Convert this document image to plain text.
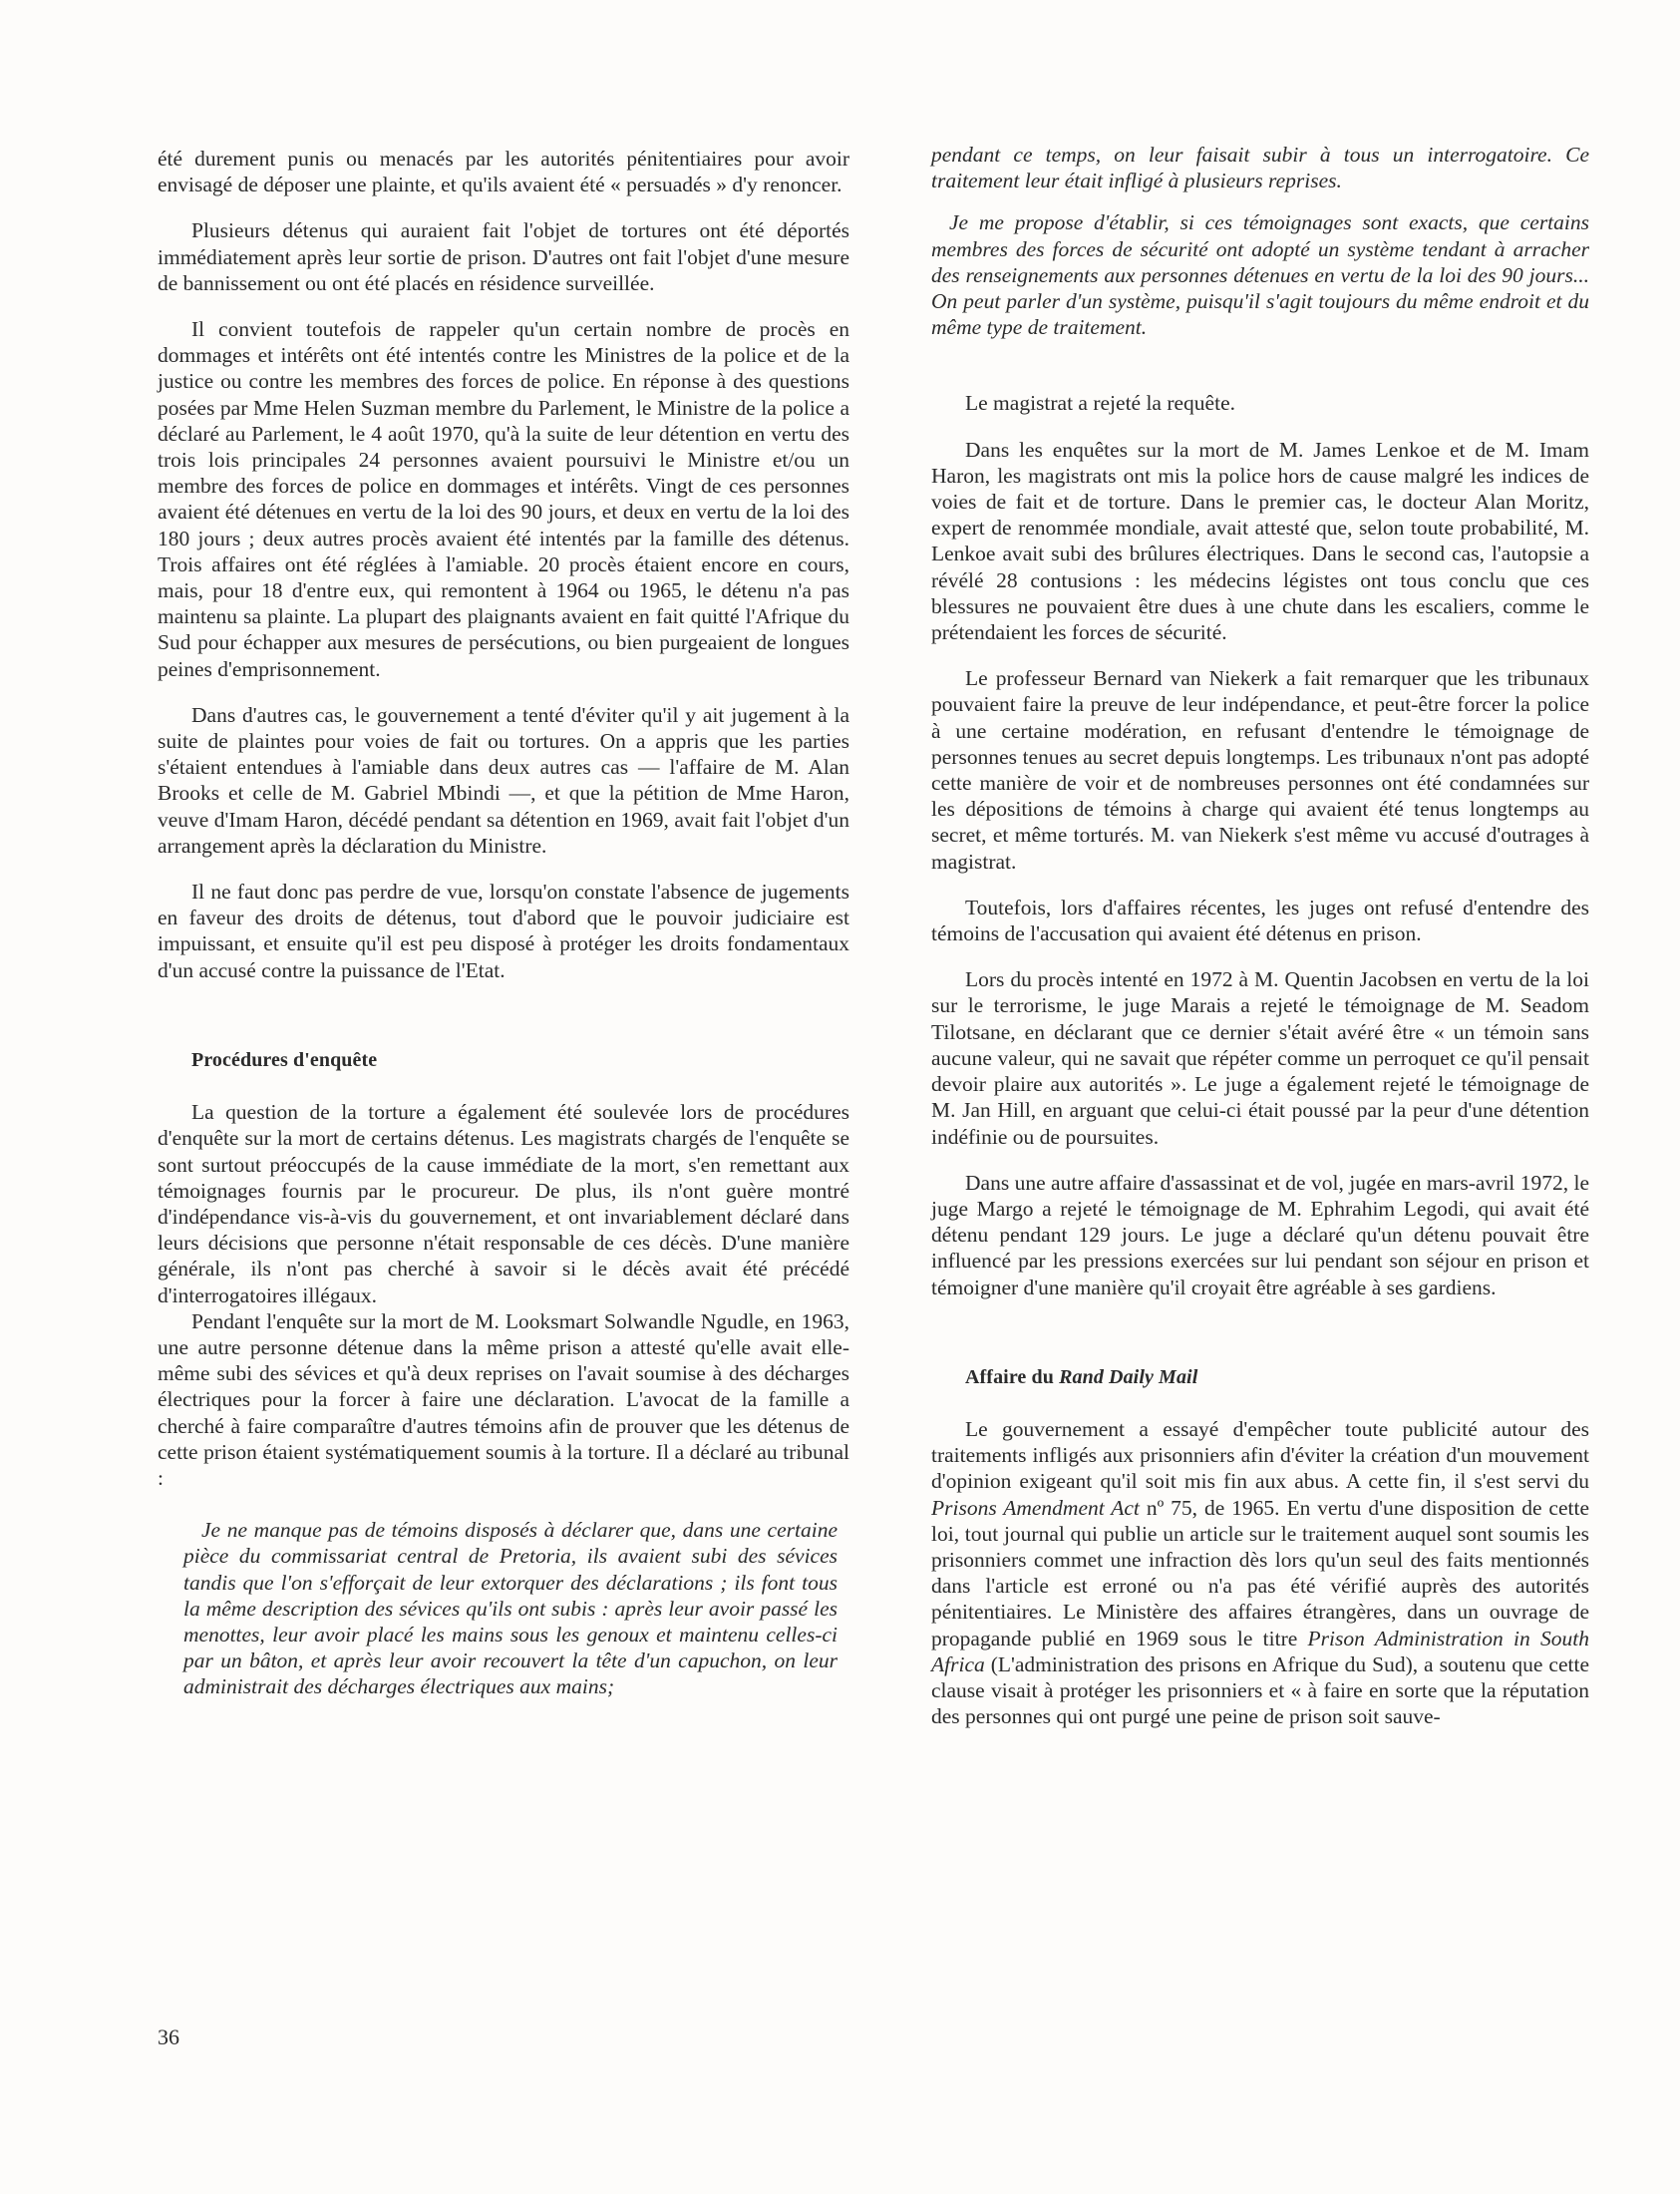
été durement punis ou menacés par les autorités pénitentiaires pour avoir envisagé de déposer une plainte, et qu'ils avaient été « persuadés » d'y renoncer.

Plusieurs détenus qui auraient fait l'objet de tortures ont été déportés immédiatement après leur sortie de prison. D'autres ont fait l'objet d'une mesure de bannissement ou ont été placés en résidence surveillée.

Il convient toutefois de rappeler qu'un certain nombre de procès en dommages et intérêts ont été intentés contre les Ministres de la police et de la justice ou contre les membres des forces de police. En réponse à des questions posées par Mme Helen Suzman membre du Parlement, le Ministre de la police a déclaré au Parlement, le 4 août 1970, qu'à la suite de leur détention en vertu des trois lois principales 24 personnes avaient poursuivi le Ministre et/ou un membre des forces de police en dommages et intérêts. Vingt de ces personnes avaient été détenues en vertu de la loi des 90 jours, et deux en vertu de la loi des 180 jours ; deux autres procès avaient été intentés par la famille des détenus. Trois affaires ont été réglées à l'amiable. 20 procès étaient encore en cours, mais, pour 18 d'entre eux, qui remontent à 1964 ou 1965, le détenu n'a pas maintenu sa plainte. La plupart des plaignants avaient en fait quitté l'Afrique du Sud pour échapper aux mesures de persécutions, ou bien purgeaient de longues peines d'emprisonnement.

Dans d'autres cas, le gouvernement a tenté d'éviter qu'il y ait jugement à la suite de plaintes pour voies de fait ou tortures. On a appris que les parties s'étaient entendues à l'amiable dans deux autres cas — l'affaire de M. Alan Brooks et celle de M. Gabriel Mbindi —, et que la pétition de Mme Haron, veuve d'Imam Haron, décédé pendant sa détention en 1969, avait fait l'objet d'un arrangement après la déclaration du Ministre.

Il ne faut donc pas perdre de vue, lorsqu'on constate l'absence de jugements en faveur des droits de détenus, tout d'abord que le pouvoir judiciaire est impuissant, et ensuite qu'il est peu disposé à protéger les droits fondamentaux d'un accusé contre la puissance de l'Etat.

Procédures d'enquête

La question de la torture a également été soulevée lors de procédures d'enquête sur la mort de certains détenus. Les magistrats chargés de l'enquête se sont surtout préoccupés de la cause immédiate de la mort, s'en remettant aux témoignages fournis par le procureur. De plus, ils n'ont guère montré d'indépendance vis-à-vis du gouvernement, et ont invariablement déclaré dans leurs décisions que personne n'était responsable de ces décès. D'une manière générale, ils n'ont pas cherché à savoir si le décès avait été précédé d'interrogatoires illégaux.

Pendant l'enquête sur la mort de M. Looksmart Solwandle Ngudle, en 1963, une autre personne détenue dans la même prison a attesté qu'elle avait elle-même subi des sévices et qu'à deux reprises on l'avait soumise à des décharges électriques pour la forcer à faire une déclaration. L'avocat de la famille a cherché à faire comparaître d'autres témoins afin de prouver que les détenus de cette prison étaient systématiquement soumis à la torture. Il a déclaré au tribunal :

Je ne manque pas de témoins disposés à déclarer que, dans une certaine pièce du commissariat central de Pretoria, ils avaient subi des sévices tandis que l'on s'efforçait de leur extorquer des déclarations ; ils font tous la même description des sévices qu'ils ont subis : après leur avoir passé les menottes, leur avoir placé les mains sous les genoux et maintenu celles-ci par un bâton, et après leur avoir recouvert la tête d'un capuchon, on leur administrait des décharges électriques aux mains;

pendant ce temps, on leur faisait subir à tous un interrogatoire. Ce traitement leur était infligé à plusieurs reprises.

Je me propose d'établir, si ces témoignages sont exacts, que certains membres des forces de sécurité ont adopté un système tendant à arracher des renseignements aux personnes détenues en vertu de la loi des 90 jours... On peut parler d'un système, puisqu'il s'agit toujours du même endroit et du même type de traitement.

Le magistrat a rejeté la requête.

Dans les enquêtes sur la mort de M. James Lenkoe et de M. Imam Haron, les magistrats ont mis la police hors de cause malgré les indices de voies de fait et de torture. Dans le premier cas, le docteur Alan Moritz, expert de renommée mondiale, avait attesté que, selon toute probabilité, M. Lenkoe avait subi des brûlures électriques. Dans le second cas, l'autopsie a révélé 28 contusions : les médecins légistes ont tous conclu que ces blessures ne pouvaient être dues à une chute dans les escaliers, comme le prétendaient les forces de sécurité.

Le professeur Bernard van Niekerk a fait remarquer que les tribunaux pouvaient faire la preuve de leur indépendance, et peut-être forcer la police à une certaine modération, en refusant d'entendre le témoignage de personnes tenues au secret depuis longtemps. Les tribunaux n'ont pas adopté cette manière de voir et de nombreuses personnes ont été condamnées sur les dépositions de témoins à charge qui avaient été tenus longtemps au secret, et même torturés. M. van Niekerk s'est même vu accusé d'outrages à magistrat.

Toutefois, lors d'affaires récentes, les juges ont refusé d'entendre des témoins de l'accusation qui avaient été détenus en prison.

Lors du procès intenté en 1972 à M. Quentin Jacobsen en vertu de la loi sur le terrorisme, le juge Marais a rejeté le témoignage de M. Seadom Tilotsane, en déclarant que ce dernier s'était avéré être « un témoin sans aucune valeur, qui ne savait que répéter comme un perroquet ce qu'il pensait devoir plaire aux autorités ». Le juge a également rejeté le témoignage de M. Jan Hill, en arguant que celui-ci était poussé par la peur d'une détention indéfinie ou de poursuites.

Dans une autre affaire d'assassinat et de vol, jugée en mars-avril 1972, le juge Margo a rejeté le témoignage de M. Ephrahim Legodi, qui avait été détenu pendant 129 jours. Le juge a déclaré qu'un détenu pouvait être influencé par les pressions exercées sur lui pendant son séjour en prison et témoigner d'une manière qu'il croyait être agréable à ses gardiens.

Affaire du Rand Daily Mail

Le gouvernement a essayé d'empêcher toute publicité autour des traitements infligés aux prisonniers afin d'éviter la création d'un mouvement d'opinion exigeant qu'il soit mis fin aux abus. A cette fin, il s'est servi du Prisons Amendment Act nº 75, de 1965. En vertu d'une disposition de cette loi, tout journal qui publie un article sur le traitement auquel sont soumis les prisonniers commet une infraction dès lors qu'un seul des faits mentionnés dans l'article est erroné ou n'a pas été vérifié auprès des autorités pénitentiaires. Le Ministère des affaires étrangères, dans un ouvrage de propagande publié en 1969 sous le titre Prison Administration in South Africa (L'administration des prisons en Afrique du Sud), a soutenu que cette clause visait à protéger les prisonniers et « à faire en sorte que la réputation des personnes qui ont purgé une peine de prison soit sauve-

36
